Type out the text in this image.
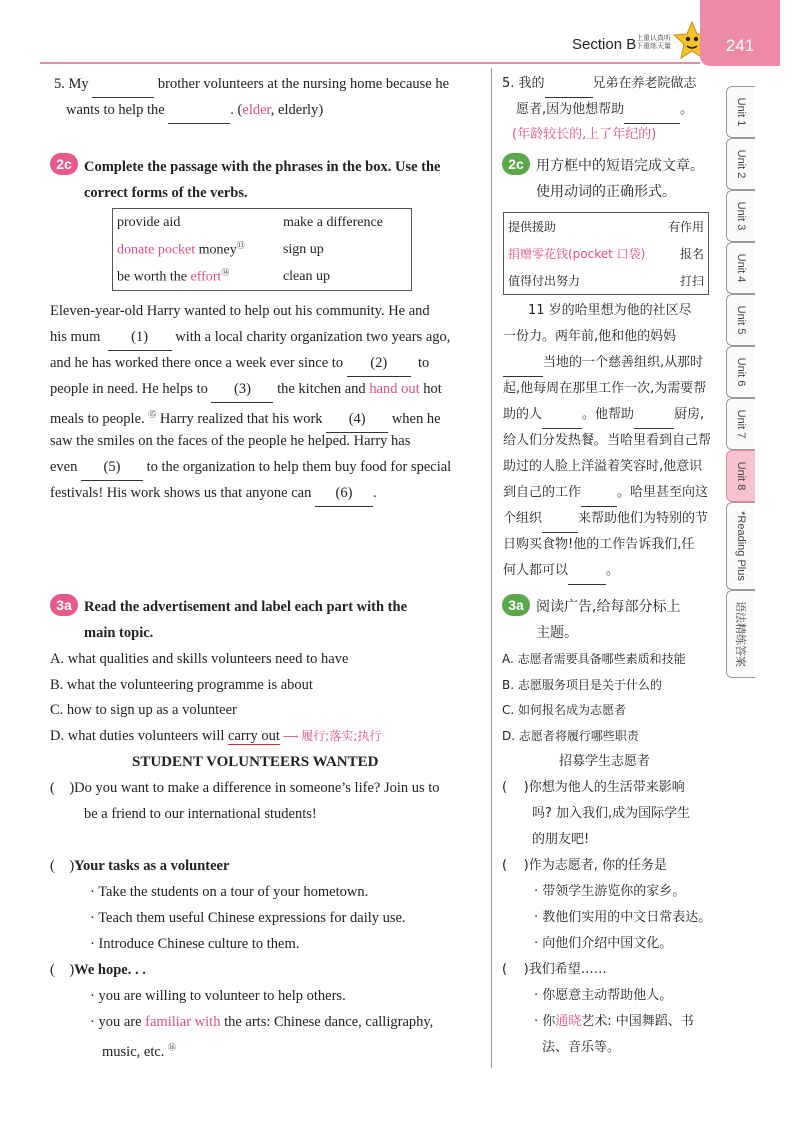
Section B 上重认真听
下重练天量	241
Unit 1
Unit 2
Unit 3
Unit 4
Unit 5
Unit 6
Unit 7
Unit 8
*Reading Plus
语法精练答案
5. My	brother volunteers at the nursing home because he
wants to help the	. (elder, elderly)
2c Complete the passage with the phrases in the box. Use the
correct forms of the verbs.
provide aid	make a difference
donate pocket money⑬	sign up
be worth the effort⑭	clean up
Eleven-year-old Harry wanted to help out his community. He and
his mum (1) with a local charity organization two years ago,
and he has worked there once a week ever since to (2) to
people in need. He helps to (3) the kitchen and hand out hot
meals to people. ⑮ Harry realized that his work (4) when he
saw the smiles on the faces of the people he helped. Harry has
even (5) to the organization to help them buy food for special
festivals! His work shows us that anyone can (6) .
3a Read the advertisement and label each part with the
main topic.
A. what qualities and skills volunteers need to have
B. what the volunteering programme is about
C. how to sign up as a volunteer
D. what duties volunteers will carry out ⟶ 履行;落实;执行
STUDENT VOLUNTEERS WANTED
(    )Do you want to make a difference in someone’s life? Join us to
be a friend to our international students!
(    )Your tasks as a volunteer
· Take the students on a tour of your hometown.
· Teach them useful Chinese expressions for daily use.
· Introduce Chinese culture to them.
(    )We hope. . .
· you are willing to volunteer to help others.
· you are familiar with the arts: Chinese dance, calligraphy,
music, etc. ⑯
5. 我的	兄弟在养老院做志
愿者,因为他想帮助	。
(年龄较长的,上了年纪的)
2c 用方框中的短语完成文章。
使用动词的正确形式。
提供援助	有作用
捐赠零花钱(pocket 口袋)	报名
值得付出努力	打扫
11 岁的哈里想为他的社区尽
一份力。两年前,他和他的妈妈
当地的一个慈善组织,从那时
起,他每周在那里工作一次,为需要帮
助的人	。他帮助	厨房,
给人们分发热餐。当哈里看到自己帮
助过的人脸上洋溢着笑容时,他意识
到自己的工作	。哈里甚至向这
个组织	来帮助他们为特别的节
日购买食物!他的工作告诉我们,任
何人都可以	。
3a 阅读广告,给每部分标上
主题。
A. 志愿者需要具备哪些素质和技能
B. 志愿服务项目是关于什么的
C. 如何报名成为志愿者
D. 志愿者将履行哪些职责
招募学生志愿者
(    )你想为他人的生活带来影响
吗? 加入我们,成为国际学生
的朋友吧!
(    )作为志愿者, 你的任务是
· 带领学生游览你的家乡。
· 教他们实用的中文日常表达。
· 向他们介绍中国文化。
(    )我们希望……
· 你愿意主动帮助他人。
· 你通晓艺术: 中国舞蹈、书
法、音乐等。
